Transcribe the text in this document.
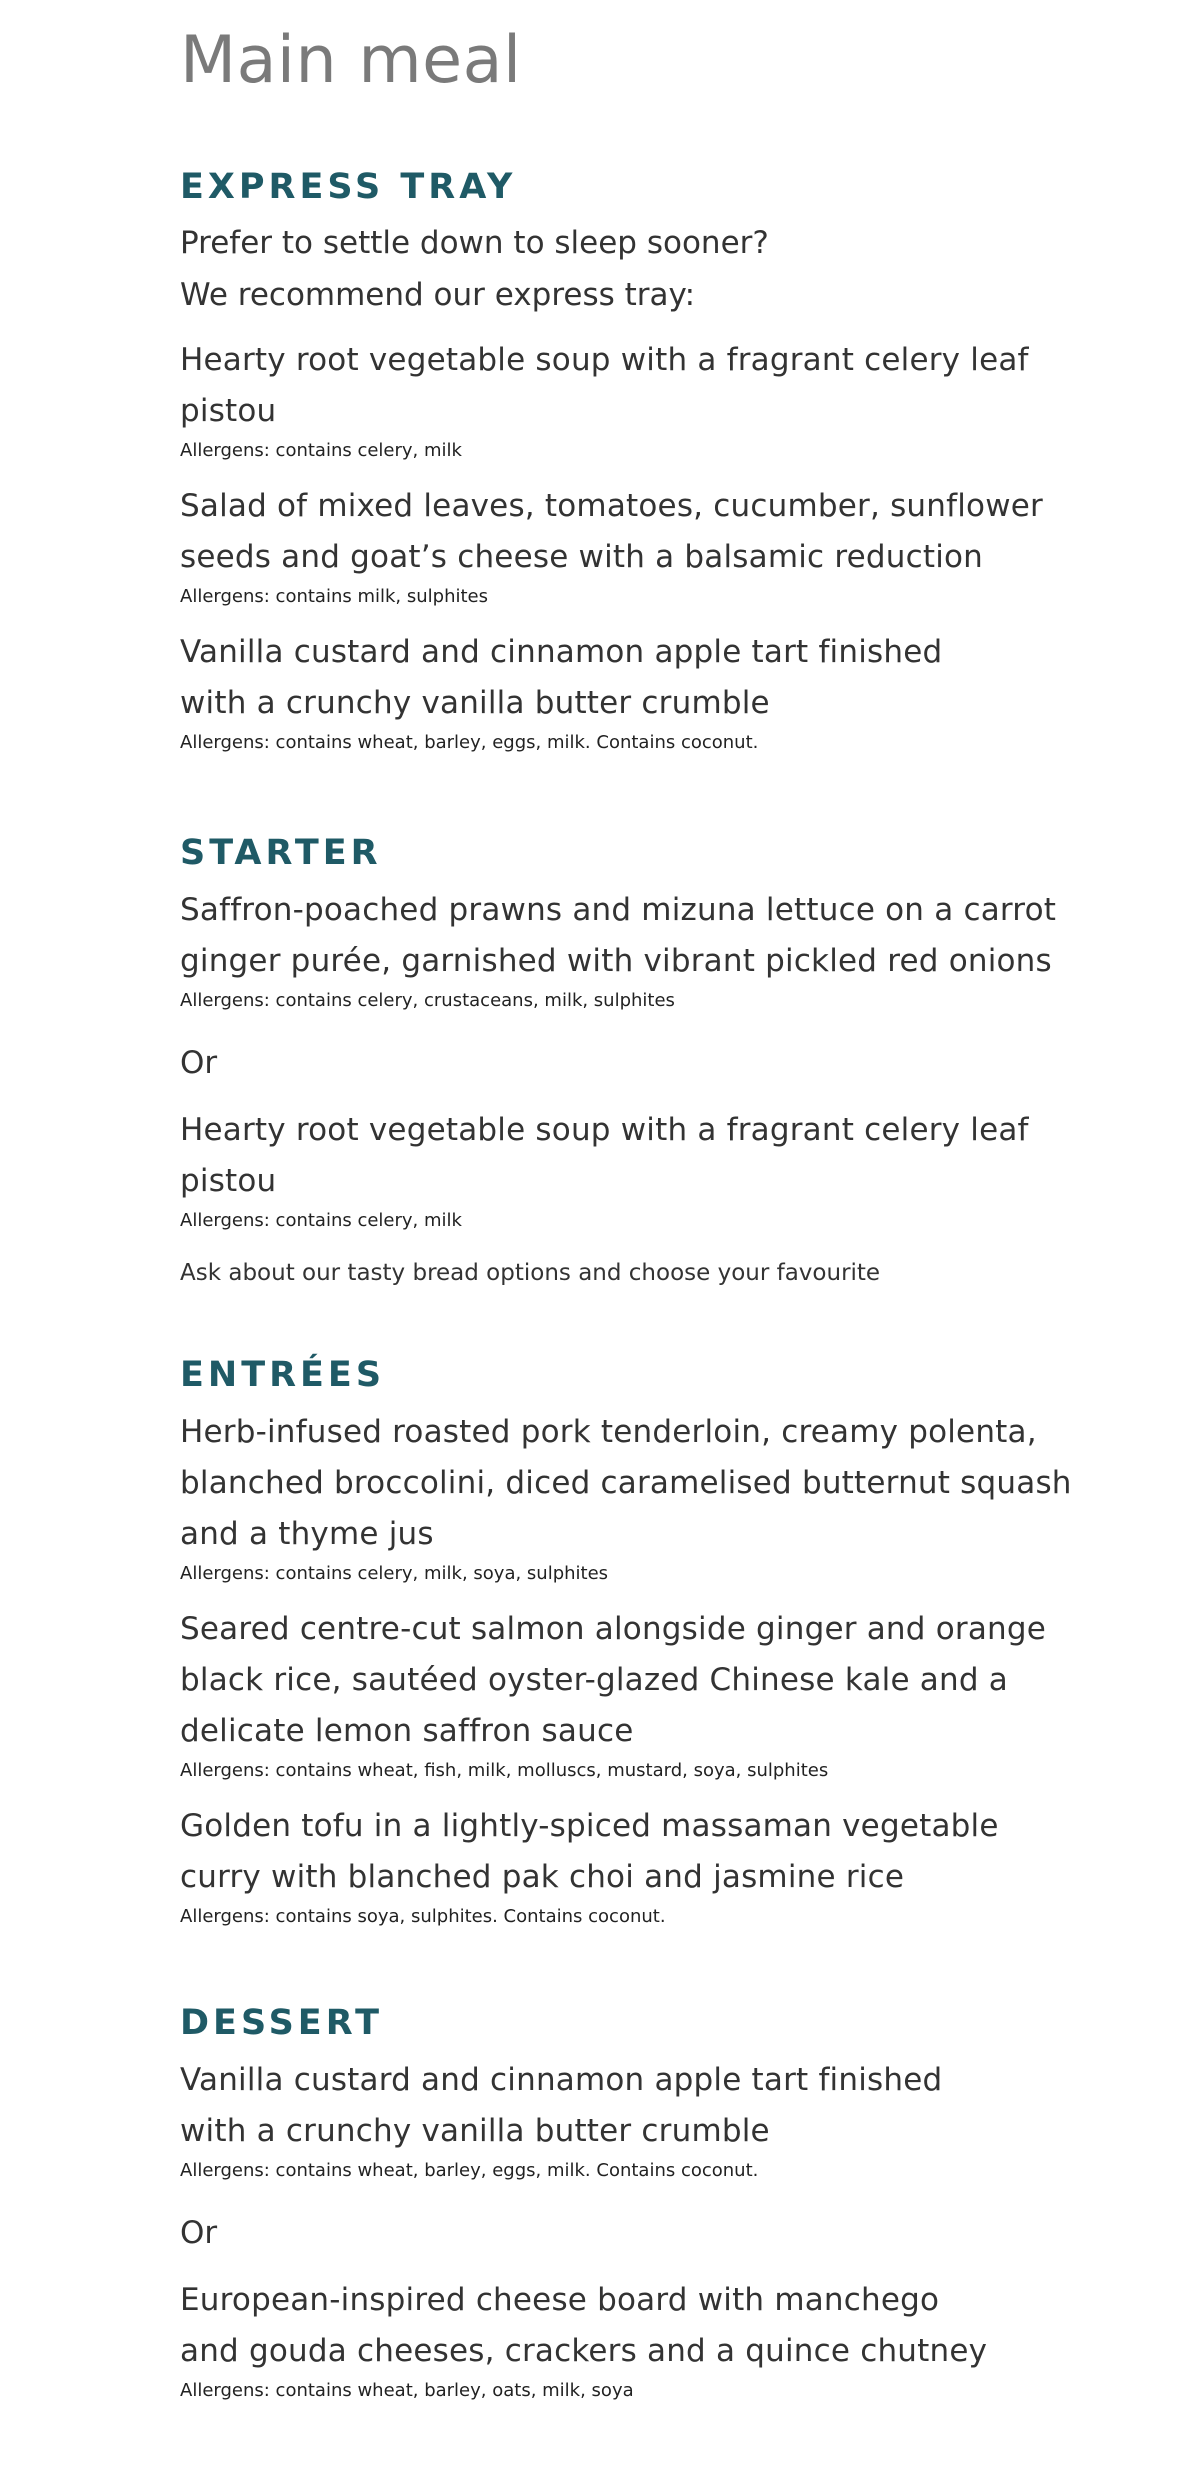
Main meal
EXPRESS TRAY

Prefer to settle down to sleep sooner?
We recommend our express tray:

Hearty root vegetable soup with a fragrant celery leaf pistou

Allergens: contains celery, milk

Salad of mixed leaves, tomatoes, cucumber, sunflower
seeds and goat’s cheese with a balsamic reduction

Allergens: contains milk, sulphites

Vanilla custard and cinnamon apple tart finished
with a crunchy vanilla butter crumble

Allergens: contains wheat, barley, eggs, milk. Contains coconut.

STARTER

Saffron-poached prawns and mizuna lettuce on a carrot
ginger purée, garnished with vibrant pickled red onions

Allergens: contains celery, crustaceans, milk, sulphites

Or

Hearty root vegetable soup with a fragrant celery leaf pistou

Allergens: contains celery, milk

Ask about our tasty bread options and choose your favourite

ENTRÉES

Herb-infused roasted pork tenderloin, creamy polenta,
blanched broccolini, diced caramelised butternut squash
and a thyme jus

Allergens: contains celery, milk, soya, sulphites

Seared centre-cut salmon alongside ginger and orange
black rice, sautéed oyster-glazed Chinese kale and a
delicate lemon saffron sauce

Allergens: contains wheat, fish, milk, molluscs, mustard, soya, sulphites

Golden tofu in a lightly-spiced massaman vegetable
curry with blanched pak choi and jasmine rice

Allergens: contains soya, sulphites. Contains coconut.

DESSERT

Vanilla custard and cinnamon apple tart finished
with a crunchy vanilla butter crumble

Allergens: contains wheat, barley, eggs, milk. Contains coconut.

Or

European-inspired cheese board with manchego
and gouda cheeses, crackers and a quince chutney

Allergens: contains wheat, barley, oats, milk, soya
